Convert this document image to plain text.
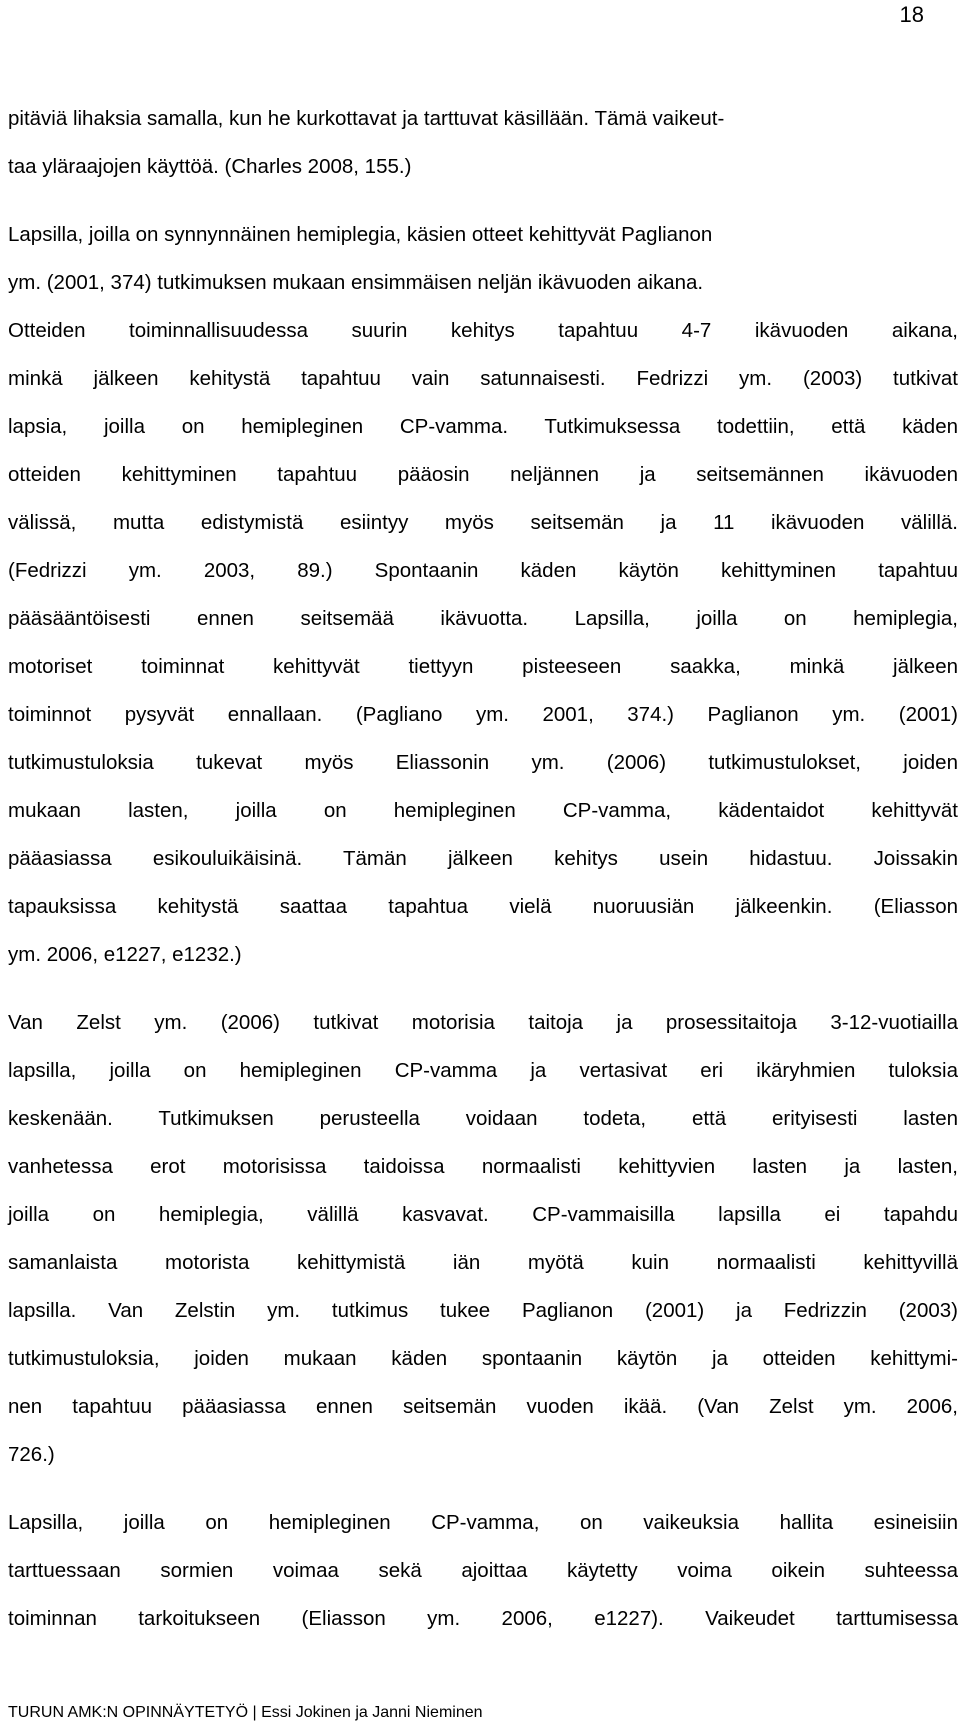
18
pitäviä lihaksia samalla, kun he kurkottavat ja tarttuvat käsillään. Tämä vaikeut-
taa yläraajojen käyttöä. (Charles 2008, 155.)
Lapsilla, joilla on synnynnäinen hemiplegia, käsien otteet kehittyvät Paglianon
ym. (2001, 374) tutkimuksen mukaan ensimmäisen neljän ikävuoden aikana.
Otteiden toiminnallisuudessa suurin kehitys tapahtuu 4-7 ikävuoden aikana,
minkä jälkeen kehitystä tapahtuu vain satunnaisesti. Fedrizzi ym. (2003) tutkivat
lapsia, joilla on hemipleginen CP-vamma. Tutkimuksessa todettiin, että käden
otteiden kehittyminen tapahtuu pääosin neljännen ja seitsemännen ikävuoden
välissä, mutta edistymistä esiintyy myös seitsemän ja 11 ikävuoden välillä.
(Fedrizzi ym. 2003, 89.) Spontaanin käden käytön kehittyminen tapahtuu
pääsääntöisesti ennen seitsemää ikävuotta. Lapsilla, joilla on hemiplegia,
motoriset toiminnat kehittyvät tiettyyn pisteeseen saakka, minkä jälkeen
toiminnot pysyvät ennallaan. (Pagliano ym. 2001, 374.) Paglianon ym. (2001)
tutkimustuloksia tukevat myös Eliassonin ym. (2006) tutkimustulokset, joiden
mukaan lasten, joilla on hemipleginen CP-vamma, kädentaidot kehittyvät
pääasiassa esikouluikäisinä. Tämän jälkeen kehitys usein hidastuu. Joissakin
tapauksissa kehitystä saattaa tapahtua vielä nuoruusiän jälkeenkin. (Eliasson
ym. 2006, e1227, e1232.)
Van Zelst ym. (2006) tutkivat motorisia taitoja ja prosessitaitoja 3-12-vuotiailla
lapsilla, joilla on hemipleginen CP-vamma ja vertasivat eri ikäryhmien tuloksia
keskenään. Tutkimuksen perusteella voidaan todeta, että erityisesti lasten
vanhetessa erot motorisissa taidoissa normaalisti kehittyvien lasten ja lasten,
joilla on hemiplegia, välillä kasvavat. CP-vammaisilla lapsilla ei tapahdu
samanlaista motorista kehittymistä iän myötä kuin normaalisti kehittyvillä
lapsilla. Van Zelstin ym. tutkimus tukee Paglianon (2001) ja Fedrizzin (2003)
tutkimustuloksia, joiden mukaan käden spontaanin käytön ja otteiden kehittymi-
nen tapahtuu pääasiassa ennen seitsemän vuoden ikää. (Van Zelst ym. 2006,
726.)
Lapsilla, joilla on hemipleginen CP-vamma, on vaikeuksia hallita esineisiin
tarttuessaan sormien voimaa sekä ajoittaa käytetty voima oikein suhteessa
toiminnan tarkoitukseen (Eliasson ym. 2006, e1227). Vaikeudet tarttumisessa
TURUN AMK:N OPINNÄYTETYÖ | Essi Jokinen ja Janni Nieminen
